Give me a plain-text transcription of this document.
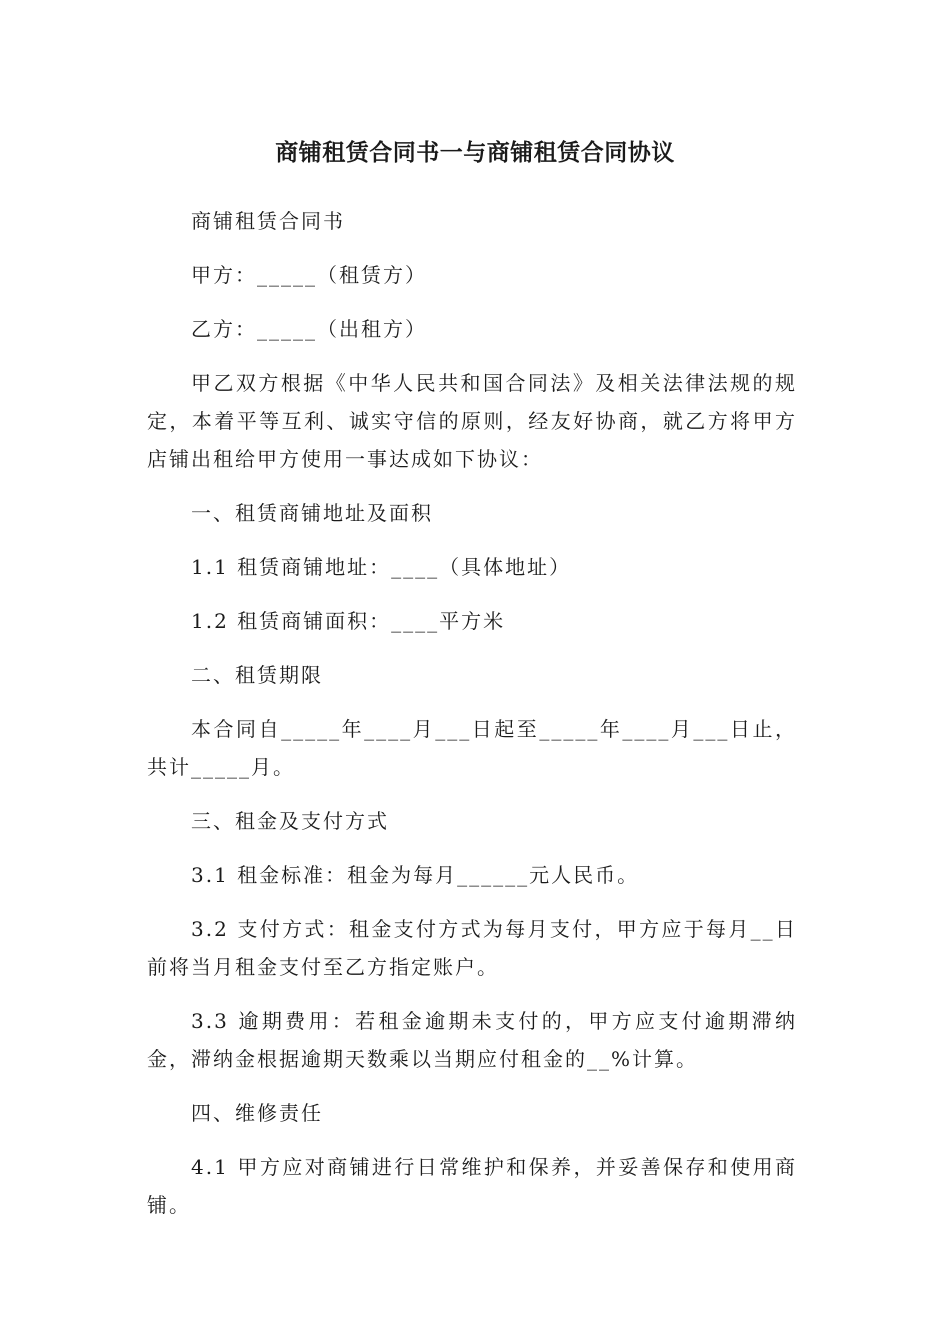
商铺租赁合同书一与商铺租赁合同协议

商铺租赁合同书

甲方：_____（租赁方）

乙方：_____（出租方）

甲乙双方根据《中华人民共和国合同法》及相关法律法规的规定，本着平等互利、诚实守信的原则，经友好协商，就乙方将甲方店铺出租给甲方使用一事达成如下协议：

一、租赁商铺地址及面积

1.1 租赁商铺地址：____（具体地址）

1.2 租赁商铺面积：____平方米

二、租赁期限

本合同自_____年____月___日起至_____年____月___日止，共计_____月。

三、租金及支付方式

3.1 租金标准：租金为每月______元人民币。

3.2 支付方式：租金支付方式为每月支付，甲方应于每月__日前将当月租金支付至乙方指定账户。

3.3 逾期费用：若租金逾期未支付的，甲方应支付逾期滞纳金，滞纳金根据逾期天数乘以当期应付租金的__%计算。

四、维修责任

4.1 甲方应对商铺进行日常维护和保养，并妥善保存和使用商铺。
